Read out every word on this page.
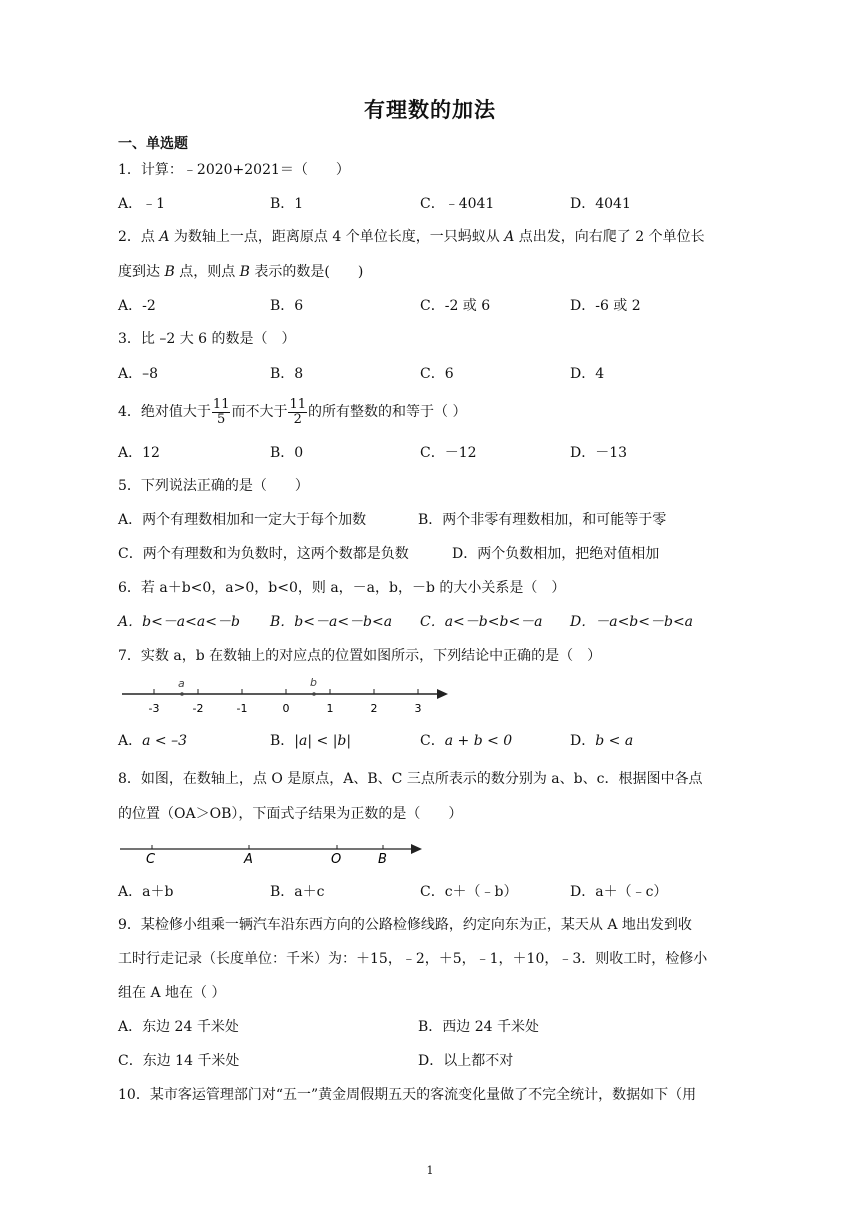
有理数的加法
一、单选题
1．计算：﹣2020+2021＝（　　）
A．﹣1	B．1	C．﹣4041	D．4041
2．点 A 为数轴上一点，距离原点 4 个单位长度，一只蚂蚁从 A 点出发，向右爬了 2 个单位长
度到达 B 点，则点 B 表示的数是(　　)
A．-2	B．6	C．-2 或 6	D．-6 或 2
3．比 –2 大 6 的数是（　）
A．–8	B．8	C．6	D．4
4．绝对值大于 $\frac{11}{5}$ 而不大于 $\frac{11}{2}$ 的所有整数的和等于（ ）
A．12	B．0	C．－12	D．－13
5．下列说法正确的是（　　）
A．两个有理数相加和一定大于每个加数	B．两个非零有理数相加，和可能等于零
C．两个有理数和为负数时，这两个数都是负数	D．两个负数相加，把绝对值相加
6．若 a＋b<0，a>0，b<0，则 a，－a，b，－b 的大小关系是（　）
A．b<－a<a<－b B．b<－a<－b<a C．a<－b<b<－a D．－a<b<－b<a
7．实数 a，b 在数轴上的对应点的位置如图所示，下列结论中正确的是（　）
-3	-2	-1	0	1	2	3
a	b
A．a < –3	B．|a| < |b|	C．a + b < 0	D．b < a
8．如图，在数轴上，点 O 是原点，A、B、C 三点所表示的数分别为 a、b、c．根据图中各点
的位置（OA＞OB），下面式子结果为正数的是（　　）
C	A	O	B
A．a＋b	B．a＋c	C．c＋（﹣b）	D．a＋（﹣c）
9．某检修小组乘一辆汽车沿东西方向的公路检修线路，约定向东为正，某天从 A 地出发到收
工时行走记录（长度单位：千米）为：＋15，﹣2，＋5，﹣1，＋10，﹣3．则收工时，检修小
组在 A 地在（ ）
A．东边 24 千米处	B．西边 24 千米处
C．东边 14 千米处	D．以上都不对
10．某市客运管理部门对“五一”黄金周假期五天的客流变化量做了不完全统计，数据如下（用
1
